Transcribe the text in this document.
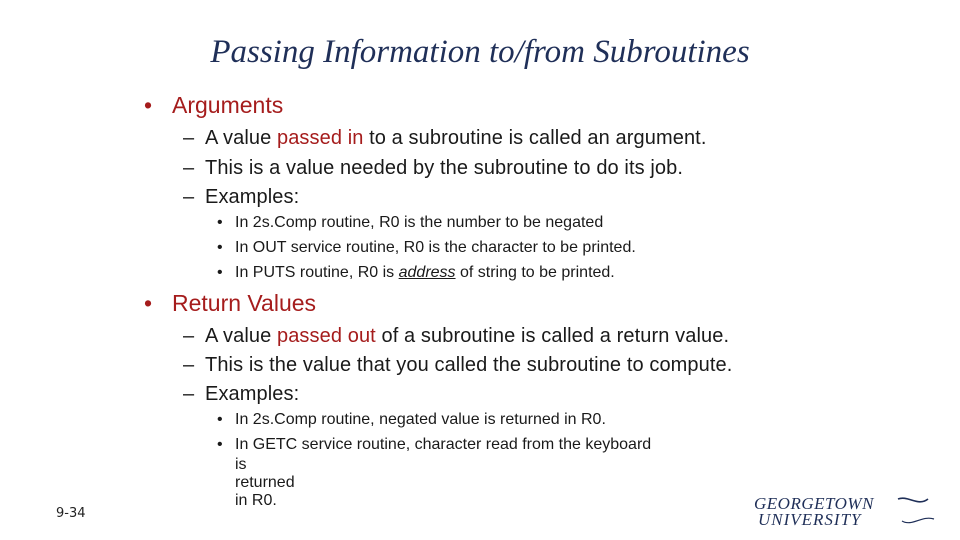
Passing Information to/from Subroutines
• Arguments
– A value passed in to a subroutine is called an argument.
– This is a value needed by the subroutine to do its job.
– Examples:
• In 2s.Comp routine, R0 is the number to be negated
• In OUT service routine, R0 is the character to be printed.
• In PUTS routine, R0 is address of string to be printed.
• Return Values
– A value passed out of a subroutine is called a return value.
– This is the value that you called the subroutine to compute.
– Examples:
• In 2s.Comp routine, negated value is returned in R0.
• In GETC service routine, character read from the keyboard
is returned in R0.
9-34
GEORGETOWN
UNIVERSITY
